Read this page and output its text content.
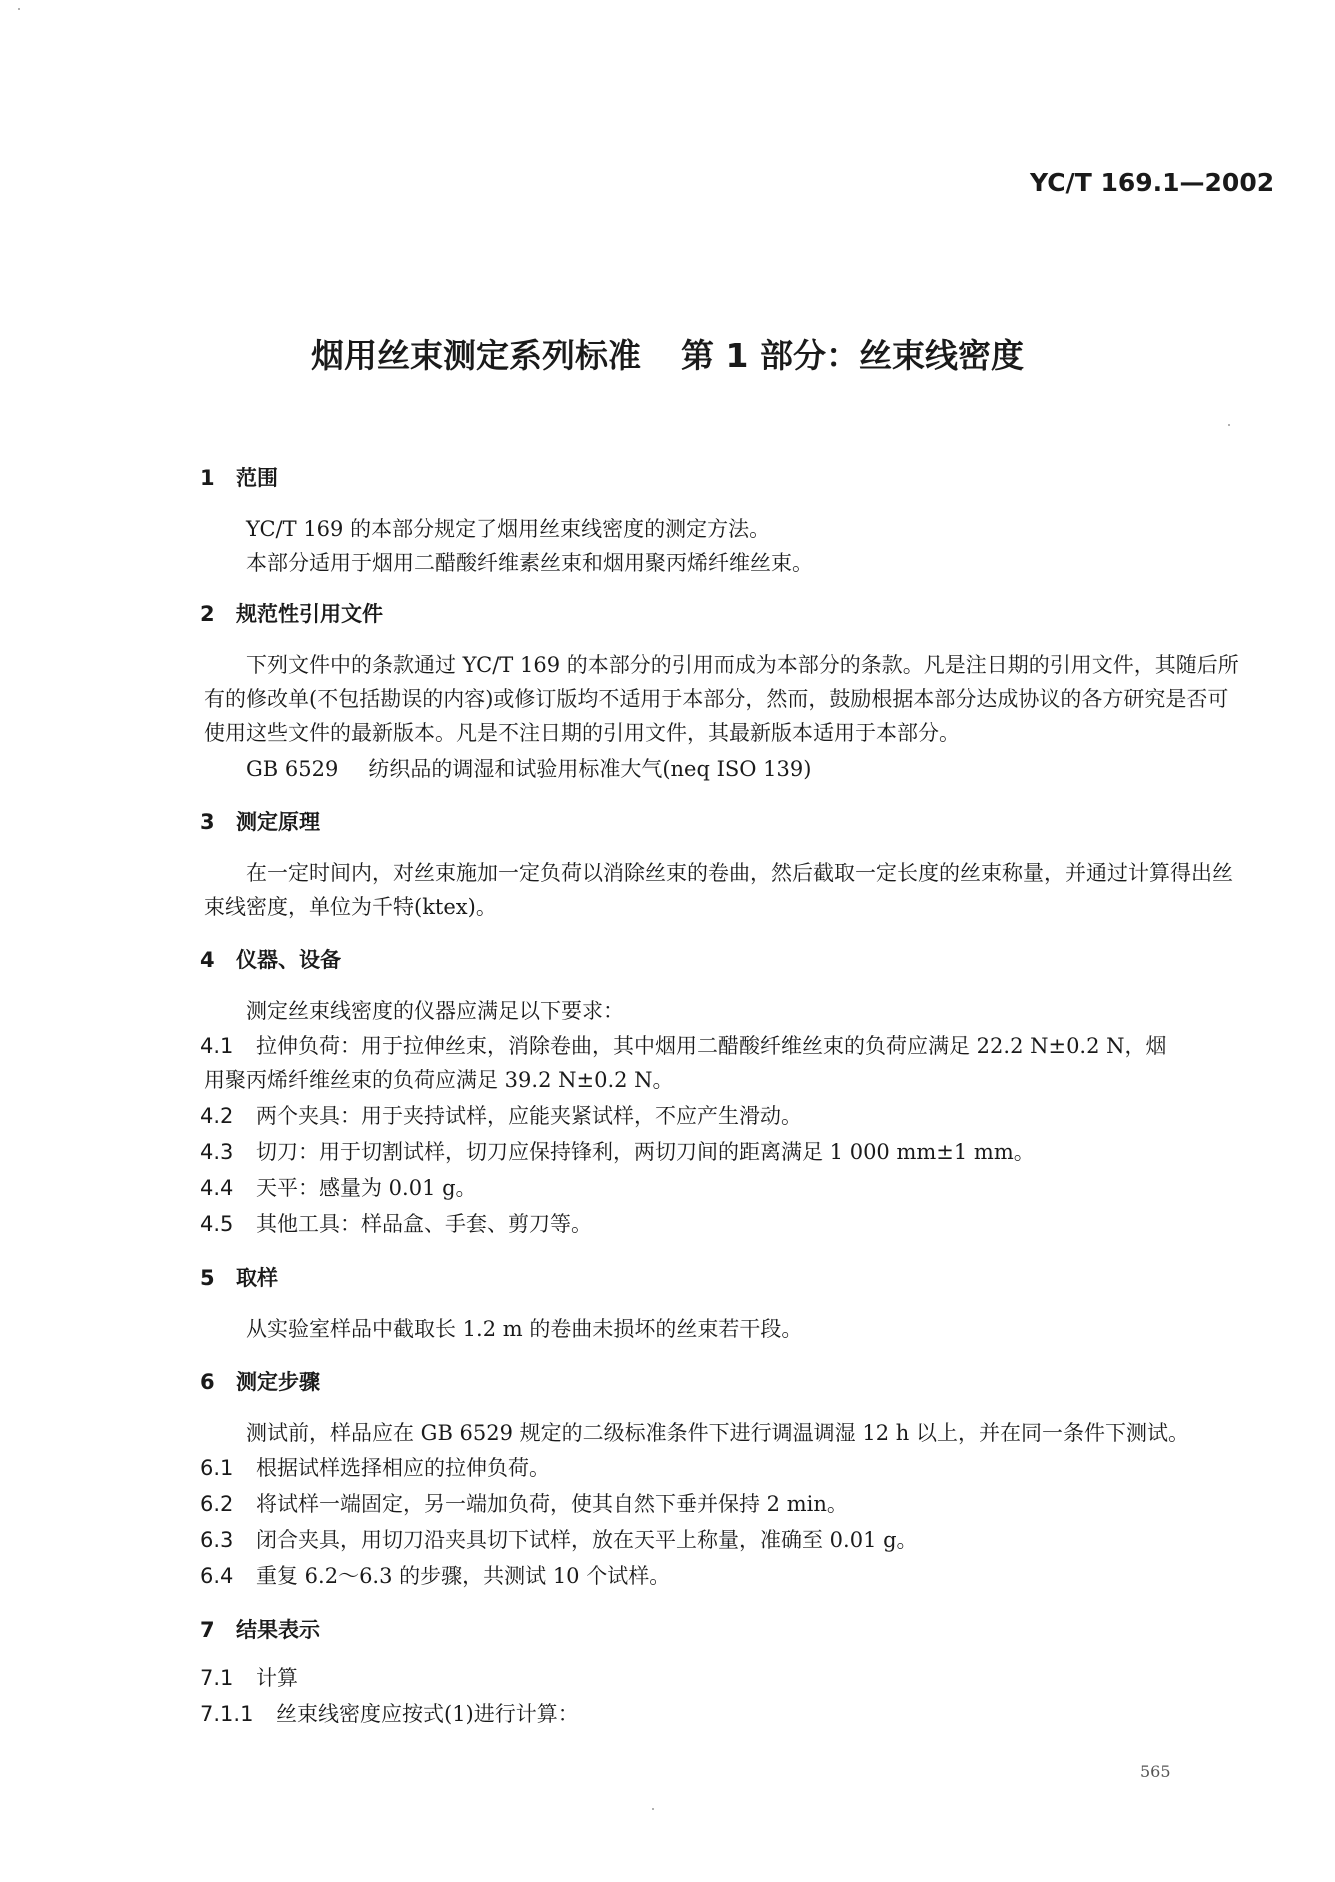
YC/T 169.1—2002
烟用丝束测定系列标准 第 1 部分：丝束线密度
1 范围
YC/T 169 的本部分规定了烟用丝束线密度的测定方法。
本部分适用于烟用二醋酸纤维素丝束和烟用聚丙烯纤维丝束。
2 规范性引用文件
下列文件中的条款通过 YC/T 169 的本部分的引用而成为本部分的条款。凡是注日期的引用文件，其随后所有的修改单(不包括勘误的内容)或修订版均不适用于本部分，然而，鼓励根据本部分达成协议的各方研究是否可使用这些文件的最新版本。凡是不注日期的引用文件，其最新版本适用于本部分。
GB 6529 纺织品的调湿和试验用标准大气(neq ISO 139)
3 测定原理
在一定时间内，对丝束施加一定负荷以消除丝束的卷曲，然后截取一定长度的丝束称量，并通过计算得出丝束线密度，单位为千特(ktex)。
4 仪器、设备
测定丝束线密度的仪器应满足以下要求：
4.1 拉伸负荷：用于拉伸丝束，消除卷曲，其中烟用二醋酸纤维丝束的负荷应满足 22.2 N±0.2 N，烟
用聚丙烯纤维丝束的负荷应满足 39.2 N±0.2 N。
4.2 两个夹具：用于夹持试样，应能夹紧试样，不应产生滑动。
4.3 切刀：用于切割试样，切刀应保持锋利，两切刀间的距离满足 1 000 mm±1 mm。
4.4 天平：感量为 0.01 g。
4.5 其他工具：样品盒、手套、剪刀等。
5 取样
从实验室样品中截取长 1.2 m 的卷曲未损坏的丝束若干段。
6 测定步骤
测试前，样品应在 GB 6529 规定的二级标准条件下进行调温调湿 12 h 以上，并在同一条件下测试。
6.1 根据试样选择相应的拉伸负荷。
6.2 将试样一端固定，另一端加负荷，使其自然下垂并保持 2 min。
6.3 闭合夹具，用切刀沿夹具切下试样，放在天平上称量，准确至 0.01 g。
6.4 重复 6.2～6.3 的步骤，共测试 10 个试样。
7 结果表示
7.1 计算
7.1.1 丝束线密度应按式(1)进行计算：
565
